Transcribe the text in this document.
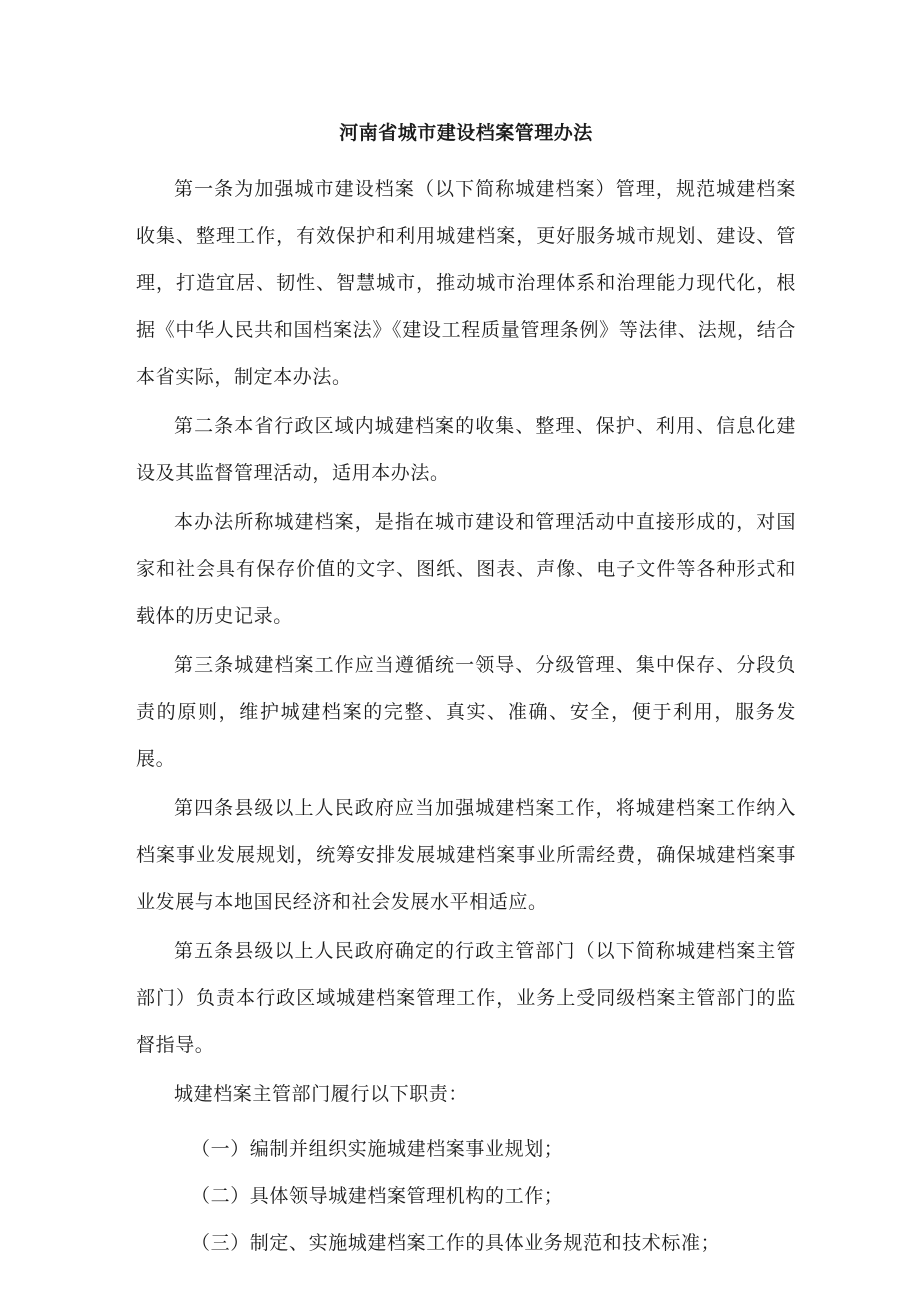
河南省城市建设档案管理办法

第一条为加强城市建设档案（以下简称城建档案）管理，规范城建档案收集、整理工作，有效保护和利用城建档案，更好服务城市规划、建设、管理，打造宜居、韧性、智慧城市，推动城市治理体系和治理能力现代化，根据《中华人民共和国档案法》《建设工程质量管理条例》等法律、法规，结合本省实际，制定本办法。

第二条本省行政区域内城建档案的收集、整理、保护、利用、信息化建设及其监督管理活动，适用本办法。

本办法所称城建档案，是指在城市建设和管理活动中直接形成的，对国家和社会具有保存价值的文字、图纸、图表、声像、电子文件等各种形式和载体的历史记录。

第三条城建档案工作应当遵循统一领导、分级管理、集中保存、分段负责的原则，维护城建档案的完整、真实、准确、安全，便于利用，服务发展。

第四条县级以上人民政府应当加强城建档案工作，将城建档案工作纳入档案事业发展规划，统筹安排发展城建档案事业所需经费，确保城建档案事业发展与本地国民经济和社会发展水平相适应。

第五条县级以上人民政府确定的行政主管部门（以下简称城建档案主管部门）负责本行政区域城建档案管理工作，业务上受同级档案主管部门的监督指导。

城建档案主管部门履行以下职责：

（一）编制并组织实施城建档案事业规划；

（二）具体领导城建档案管理机构的工作；

（三）制定、实施城建档案工作的具体业务规范和技术标准；
